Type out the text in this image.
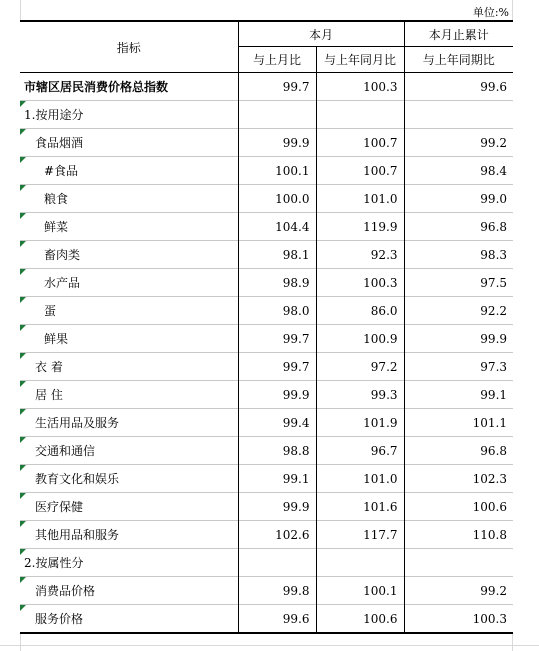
单位:%
指标	本月		本月止累计
	与上月比	与上年同月比	与上年同期比
市辖区居民消费价格总指数	99.7	100.3	99.6

1.按用途分			

食品烟酒	99.9	100.7	99.2

#食品	100.1	100.7	98.4

粮食	100.0	101.0	99.0

鲜菜	104.4	119.9	96.8

畜肉类	98.1	92.3	98.3

水产品	98.9	100.3	97.5

蛋	98.0	86.0	92.2

鲜果	99.7	100.9	99.9

衣 着	99.7	97.2	97.3

居 住	99.9	99.3	99.1

生活用品及服务	99.4	101.9	101.1

交通和通信	98.8	96.7	96.8

教育文化和娱乐	99.1	101.0	102.3

医疗保健	99.9	101.6	100.6

其他用品和服务	102.6	117.7	110.8

2.按属性分			

消费品价格	99.8	100.1	99.2

服务价格	99.6	100.6	100.3
